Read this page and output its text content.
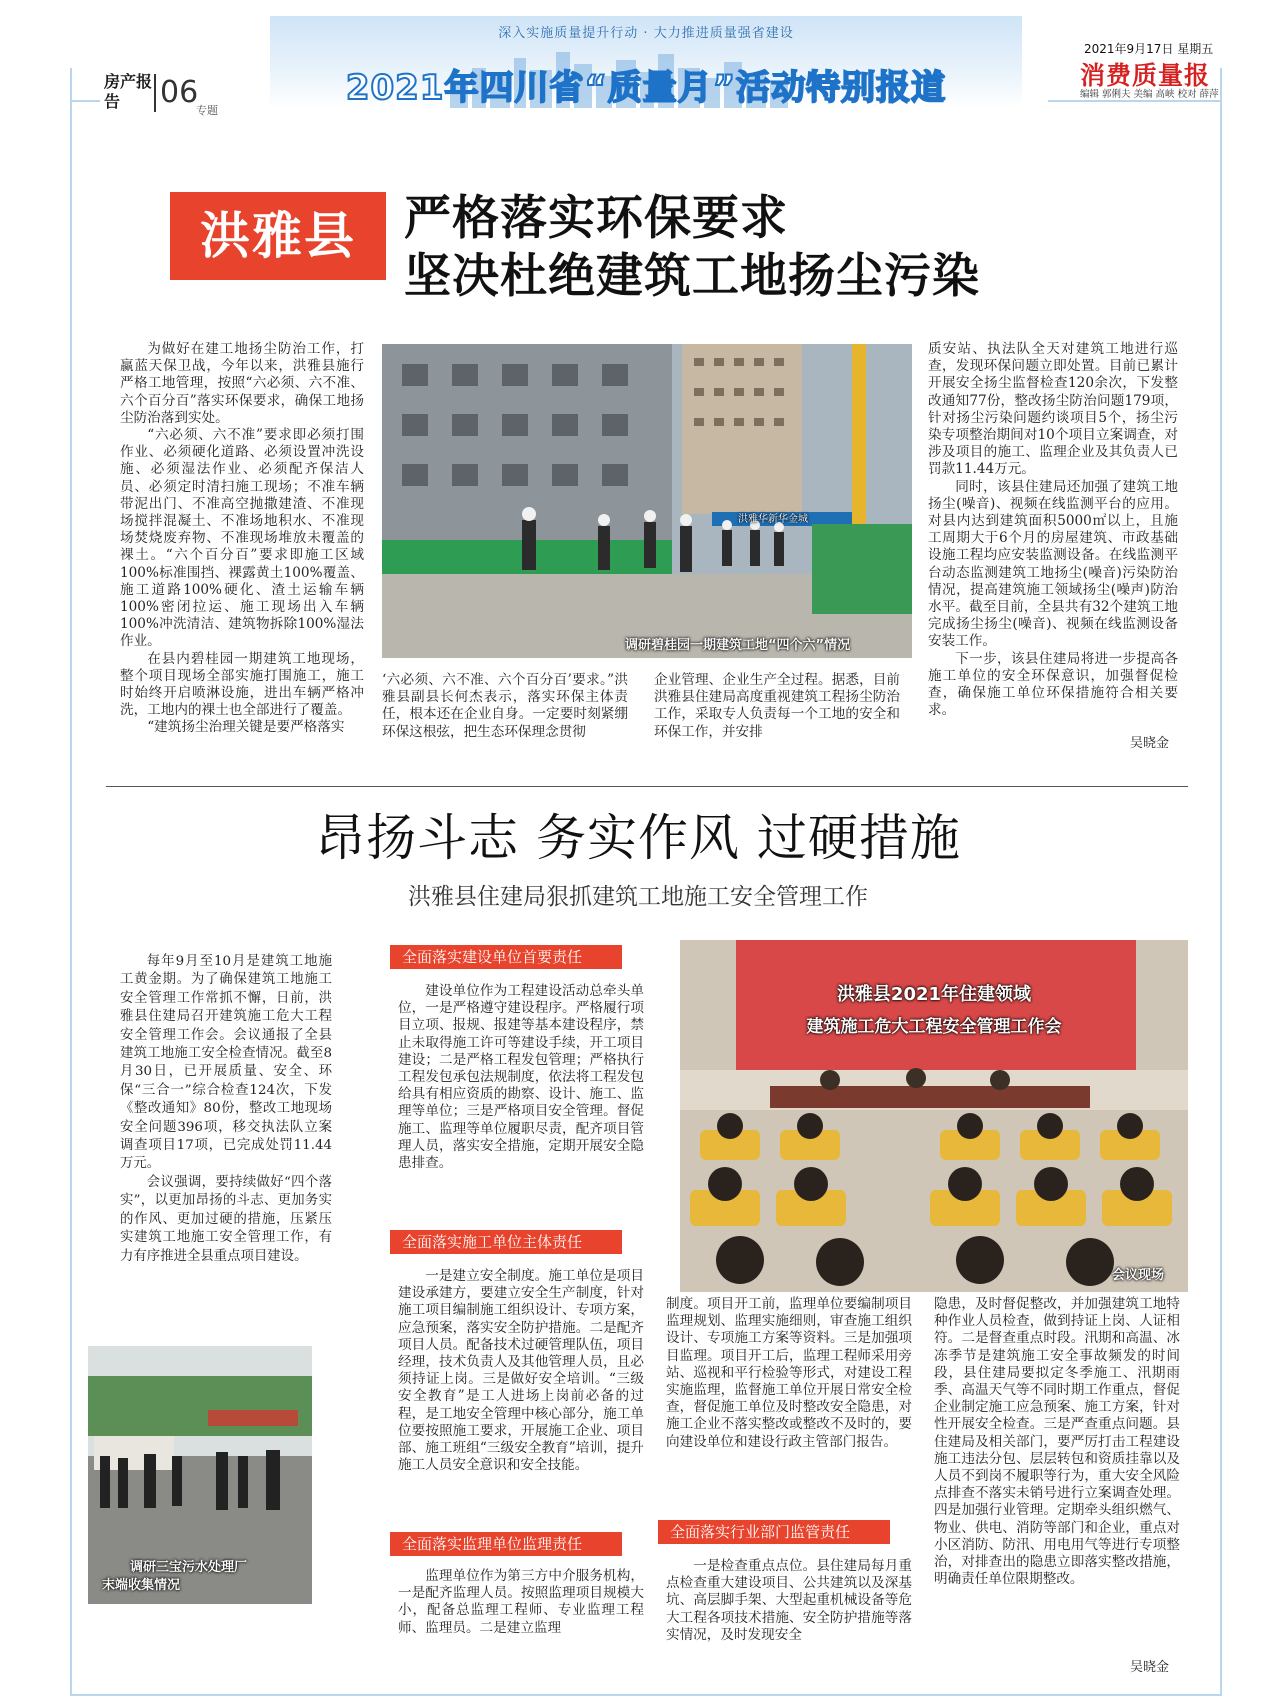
深入实施质量提升行动 · 大力推进质量强省建设
2021年四川省“质量月”活动特别报道
房产报告	06
专题
2021年9月17日 星期五
消费质量报
编辑 郭俐夫 美编 高峡 校对 薛萍
洪雅县	严格落实环保要求
坚决杜绝建筑工地扬尘污染

为做好在建工地扬尘防治工作，打赢蓝天保卫战，今年以来，洪雅县施行严格工地管理，按照“六必须、六不准、六个百分百”落实环保要求，确保工地扬尘防治落到实处。

“六必须、六不准”要求即必须打围作业、必须硬化道路、必须设置冲洗设施、必须湿法作业、必须配齐保洁人员、必须定时清扫施工现场；不准车辆带泥出门、不准高空抛撒建渣、不准现场搅拌混凝土、不准场地积水、不准现场焚烧废弃物、不准现场堆放未覆盖的裸土。“六个百分百”要求即施工区域100%标准围挡、裸露黄土100%覆盖、施工道路100%硬化、渣土运输车辆100%密闭拉运、施工现场出入车辆100%冲洗清洁、建筑物拆除100%湿法作业。

在县内碧桂园一期建筑工地现场，整个项目现场全部实施打围施工，施工时始终开启喷淋设施，进出车辆严格冲洗，工地内的裸土也全部进行了覆盖。

“建筑扬尘治理关键是要严格落实

调研碧桂园一期建筑工地“四个六”情况
洪雅华新华金城

‘六必须、六不准、六个百分百’要求。”洪雅县副县长何杰表示，落实环保主体责任，根本还在企业自身。一定要时刻紧绷环保这根弦，把生态环保理念贯彻

企业管理、企业生产全过程。据悉，目前洪雅县住建局高度重视建筑工程扬尘防治工作，采取专人负责每一个工地的安全和环保工作，并安排

质安站、执法队全天对建筑工地进行巡查，发现环保问题立即处置。目前已累计开展安全扬尘监督检查120余次，下发整改通知77份，整改扬尘防治问题179项，针对扬尘污染问题约谈项目5个，扬尘污染专项整治期间对10个项目立案调查，对涉及项目的施工、监理企业及其负责人已罚款11.44万元。

同时，该县住建局还加强了建筑工地扬尘(噪音)、视频在线监测平台的应用。对县内达到建筑面积5000㎡以上，且施工周期大于6个月的房屋建筑、市政基础设施工程均应安装监测设备。在线监测平台动态监测建筑工地扬尘(噪音)污染防治情况，提高建筑施工领域扬尘(噪声)防治水平。截至目前，全县共有32个建筑工地完成扬尘扬尘(噪音)、视频在线监测设备安装工作。

下一步，该县住建局将进一步提高各施工单位的安全环保意识，加强督促检查，确保施工单位环保措施符合相关要求。

吴晓金
昂扬斗志 务实作风 过硬措施
洪雅县住建局狠抓建筑工地施工安全管理工作

每年9月至10月是建筑工地施工黄金期。为了确保建筑工地施工安全管理工作常抓不懈，日前，洪雅县住建局召开建筑施工危大工程安全管理工作会。会议通报了全县建筑工地施工安全检查情况。截至8月30日，已开展质量、安全、环保“三合一”综合检查124次，下发《整改通知》80份，整改工地现场安全问题396项，移交执法队立案调查项目17项，已完成处罚11.44万元。

会议强调，要持续做好“四个落实”，以更加昂扬的斗志、更加务实的作风、更加过硬的措施，压紧压实建筑工地施工安全管理工作，有力有序推进全县重点项目建设。

调研三宝污水处理厂
末端收集情况
全面落实建设单位首要责任

建设单位作为工程建设活动总牵头单位，一是严格遵守建设程序。严格履行项目立项、报规、报建等基本建设程序，禁止未取得施工许可等建设手续，开工项目建设；二是严格工程发包管理；严格执行工程发包承包法规制度，依法将工程发包给具有相应资质的勘察、设计、施工、监理等单位；三是严格项目安全管理。督促施工、监理等单位履职尽责，配齐项目管理人员，落实安全措施，定期开展安全隐患排查。

全面落实施工单位主体责任

一是建立安全制度。施工单位是项目建设承建方，要建立安全生产制度，针对施工项目编制施工组织设计、专项方案，应急预案，落实安全防护措施。二是配齐项目人员。配备技术过硬管理队伍，项目经理，技术负责人及其他管理人员，且必须持证上岗。三是做好安全培训。“三级安全教育”是工人进场上岗前必备的过程，是工地安全管理中核心部分，施工单位要按照施工要求，开展施工企业、项目部、施工班组“三级安全教育”培训，提升施工人员安全意识和安全技能。

全面落实监理单位监理责任

监理单位作为第三方中介服务机构，一是配齐监理人员。按照监理项目规模大小，配备总监理工程师、专业监理工程师、监理员。二是建立监理

洪雅县2021年住建领域
建筑施工危大工程安全管理工作会
会议现场

制度。项目开工前，监理单位要编制项目监理规划、监理实施细则，审查施工组织设计、专项施工方案等资料。三是加强项目监理。项目开工后，监理工程师采用旁站、巡视和平行检验等形式，对建设工程实施监理，监督施工单位开展日常安全检查，督促施工单位及时整改安全隐患，对施工企业不落实整改或整改不及时的，要向建设单位和建设行政主管部门报告。

全面落实行业部门监管责任

一是检查重点点位。县住建局每月重点检查重大建设项目、公共建筑以及深基坑、高层脚手架、大型起重机械设备等危大工程各项技术措施、安全防护措施等落实情况，及时发现安全

隐患，及时督促整改，并加强建筑工地特种作业人员检查，做到持证上岗、人证相符。二是督查重点时段。汛期和高温、冰冻季节是建筑施工安全事故频发的时间段，县住建局要拟定冬季施工、汛期雨季、高温天气等不同时期工作重点，督促企业制定施工应急预案、施工方案，针对性开展安全检查。三是严查重点问题。县住建局及相关部门，要严厉打击工程建设施工违法分包、层层转包和资质挂靠以及人员不到岗不履职等行为，重大安全风险点排查不落实未销号进行立案调查处理。四是加强行业管理。定期牵头组织燃气、物业、供电、消防等部门和企业，重点对小区消防、防汛、用电用气等进行专项整治，对排查出的隐患立即落实整改措施，明确责任单位限期整改。

吴晓金
